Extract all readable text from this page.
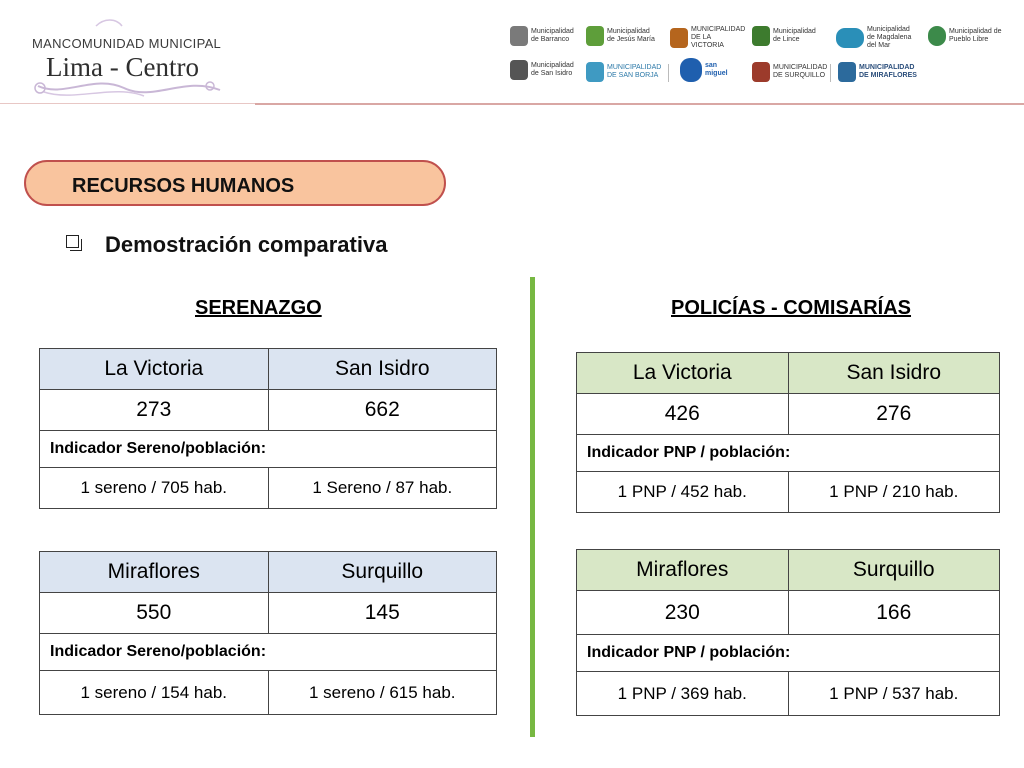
MANCOMUNIDAD MUNICIPAL
Lima - Centro
Municipalidad de Barranco
Municipalidad de Jesús María
MUNICIPALIDAD DE LA VICTORIA
Municipalidad de Lince
Municipalidad de Magdalena del Mar
Municipalidad de Pueblo Libre
Municipalidad de San Isidro
MUNICIPALIDAD DE SAN BORJA
san miguel
MUNICIPALIDAD DE SURQUILLO
MUNICIPALIDAD DE MIRAFLORES
RECURSOS HUMANOS
Demostración comparativa
SERENAZGO
La Victoria	San Isidro
273	662
Indicador Sereno/población:	
1 sereno / 705 hab.	1 Sereno / 87 hab.
Miraflores	Surquillo
550	145
Indicador Sereno/población:	
1 sereno / 154 hab.	1 sereno / 615 hab.
POLICÍAS - COMISARÍAS
La Victoria	San Isidro
426	276
Indicador PNP / población:	
1 PNP / 452 hab.	1 PNP / 210 hab.
Miraflores	Surquillo
230	166
Indicador PNP / población:	
1 PNP / 369 hab.	1 PNP / 537 hab.
